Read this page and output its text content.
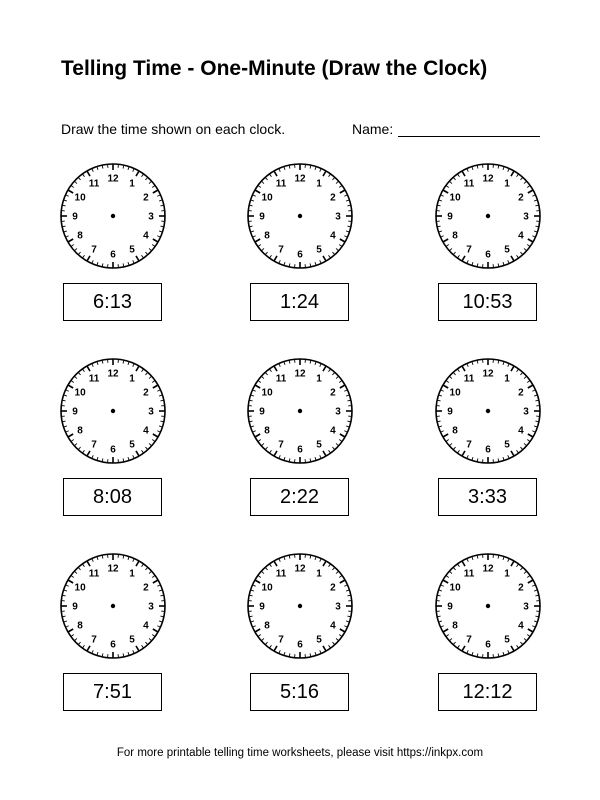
Telling Time - One-Minute (Draw the Clock)
Draw the time shown on each clock.	Name:
12 1
2
3
4
5
6
7
8
9
10
11
6:13
12 1
2
3
4
5
6
7
8
9
10
11
1:24
12 1
2
3
4
5
6
7
8
9
10
11
10:53
12 1
2
3
4
5
6
7
8
9
10
11
8:08
12 1
2
3
4
5
6
7
8
9
10
11
2:22
12 1
2
3
4
5
6
7
8
9
10
11
3:33
12 1
2
3
4
5
6
7
8
9
10
11
7:51
12 1
2
3
4
5
6
7
8
9
10
11
5:16
12 1
2
3
4
5
6
7
8
9
10
11
12:12
For more printable telling time worksheets, please visit https://inkpx.com
